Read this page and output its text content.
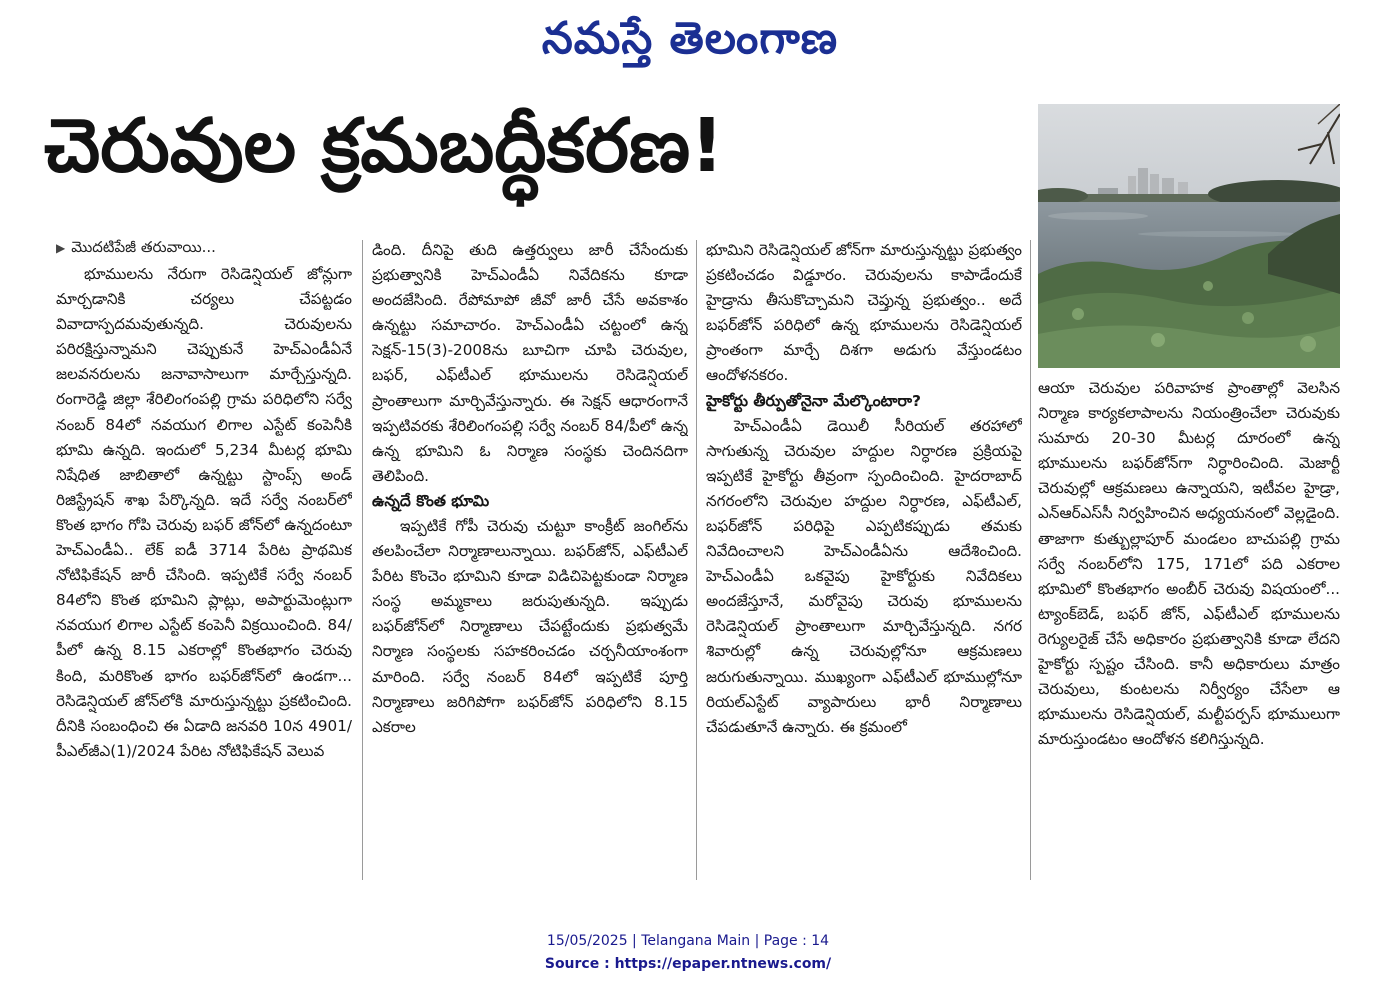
నమస్తే తెలంగాణ
చెరువుల క్రమబద్ధీకరణ!
▶ మొదటిపేజీ తరువాయి...

భూములను నేరుగా రెసిడెన్షియల్ జోన్లుగా మార్చడానికి చర్యలు చేపట్టడం వివాదాస్పదమవుతున్నది. చెరువులను పరిరక్షిస్తున్నామని చెప్పుకునే హెచ్‌ఎండీఏనే జలవనరులను జనావాసాలుగా మార్చేస్తున్నది. రంగారెడ్డి జిల్లా శేరిలింగంపల్లి గ్రామ పరిధిలోని సర్వే నంబర్ 84లో నవయుగ లిగాల ఎస్టేట్ కంపెనీకి భూమి ఉన్నది. ఇందులో 5,234 మీటర్ల భూమి నిషేధిత జాబితాలో ఉన్నట్టు స్టాంప్స్ అండ్ రిజిస్ట్రేషన్ శాఖ పేర్కొన్నది. ఇదే సర్వే నంబర్‌లో కొంత భాగం గోపి చెరువు బఫర్ జోన్‌లో ఉన్నదంటూ హెచ్‌ఎండీఏ.. లేక్ ఐడీ 3714 పేరిట ప్రాథమిక నోటిఫికేషన్ జారీ చేసింది. ఇప్పటికే సర్వే నంబర్ 84లోని కొంత భూమిని ప్లాట్లు, అపార్టుమెంట్లుగా నవయుగ లిగాల ఎస్టేట్ కంపెనీ విక్రయించింది. 84/పీలో ఉన్న 8.15 ఎకరాల్లో కొంతభాగం చెరువు కింది, మరికొంత భాగం బఫర్‌జోన్‌లో ఉండగా... రెసిడెన్షియల్ జోన్‌లోకి మారుస్తున్నట్టు ప్రకటించింది. దీనికి సంబంధించి ఈ ఏడాది జనవరి 10న 4901/పీఎల్‌జీఎ(1)/2024 పేరిట నోటిఫికేషన్ వెలువ

డింది. దీనిపై తుది ఉత్తర్వులు జారీ చేసేందుకు ప్రభుత్వానికి హెచ్‌ఎండీఏ నివేదికను కూడా అందజేసింది. రేపోమాపో జీవో జారీ చేసే అవకాశం ఉన్నట్టు సమాచారం. హెచ్‌ఎండీఏ చట్టంలో ఉన్న సెక్షన్-15(3)-2008ను బూచిగా చూపి చెరువుల, బఫర్, ఎఫ్‌టీఎల్ భూములను రెసిడెన్షియల్ ప్రాంతాలుగా మార్చివేస్తున్నారు. ఈ సెక్షన్ ఆధారంగానే ఇప్పటివరకు శేరిలింగంపల్లి సర్వే నంబర్ 84/పీలో ఉన్న ఉన్న భూమిని ఓ నిర్మాణ సంస్థకు చెందినదిగా తెలిపింది.

ఉన్నదే కొంత భూమి

ఇప్పటికే గోపీ చెరువు చుట్టూ కాంక్రీట్ జంగిల్‌ను తలపించేలా నిర్మాణాలున్నాయి. బఫర్‌జోన్, ఎఫ్‌టీఎల్ పేరిట కొంచెం భూమిని కూడా విడిచిపెట్టకుండా నిర్మాణ సంస్థ అమ్మకాలు జరుపుతున్నది. ఇప్పుడు బఫర్‌జోన్‌లో నిర్మాణాలు చేపట్టేందుకు ప్రభుత్వమే నిర్మాణ సంస్థలకు సహకరించడం చర్చనీయాంశంగా మారింది. సర్వే నంబర్ 84లో ఇప్పటికే పూర్తి నిర్మాణాలు జరిగిపోగా బఫర్‌జోన్ పరిధిలోని 8.15 ఎకరాల

భూమిని రెసిడెన్షియల్ జోన్‌గా మారుస్తున్నట్టు ప్రభుత్వం ప్రకటించడం విడ్డూరం. చెరువులను కాపాడేందుకే హైడ్రాను తీసుకొచ్చామని చెప్తున్న ప్రభుత్వం.. అదే బఫర్‌జోన్ పరిధిలో ఉన్న భూములను రెసిడెన్షియల్ ప్రాంతంగా మార్చే దిశగా అడుగు వేస్తుండటం ఆందోళనకరం.

హైకోర్టు తీర్పుతోనైనా మేల్కొంటారా?

హెచ్‌ఎండీఏ డెయిలీ సీరియల్ తరహాలో సాగుతున్న చెరువుల హద్దుల నిర్ధారణ ప్రక్రియపై ఇప్పటికే హైకోర్టు తీవ్రంగా స్పందించింది. హైదరాబాద్ నగరంలోని చెరువుల హద్దుల నిర్ధారణ, ఎఫ్‌టీఎల్, బఫర్‌జోన్ పరిధిపై ఎప్పటికప్పుడు తమకు నివేదించాలని హెచ్‌ఎండీఏను ఆదేశించింది. హెచ్‌ఎండీఏ ఒకవైపు హైకోర్టుకు నివేదికలు అందజేస్తూనే, మరోవైపు చెరువు భూములను రెసిడెన్షియల్ ప్రాంతాలుగా మార్చివేస్తున్నది. నగర శివారుల్లో ఉన్న చెరువుల్లోనూ ఆక్రమణలు జరుగుతున్నాయి. ముఖ్యంగా ఎఫ్‌టీఎల్ భూముల్లోనూ రియల్‌ఎస్టేట్ వ్యాపారులు భారీ నిర్మాణాలు చేపడుతూనే ఉన్నారు. ఈ క్రమంలో

ఆయా చెరువుల పరివాహక ప్రాంతాల్లో వెలసిన నిర్మాణ కార్యకలాపాలను నియంత్రించేలా చెరువుకు సుమారు 20-30 మీటర్ల దూరంలో ఉన్న భూములను బఫర్‌జోన్‌గా నిర్ధారించింది. మెజార్టీ చెరువుల్లో ఆక్రమణలు ఉన్నాయని, ఇటీవల హైడ్రా, ఎన్‌ఆర్‌ఎస్‌సీ నిర్వహించిన అధ్యయనంలో వెల్లడైంది. తాజాగా కుత్బుల్లాపూర్ మండలం బాచుపల్లి గ్రామ సర్వే నంబర్‌లోని 175, 171లో పది ఎకరాల భూమిలో కొంతభాగం అంబీర్ చెరువు విషయంలో... ట్యాంక్‌బెడ్, బఫర్ జోన్, ఎఫ్‌టీఎల్ భూములను రెగ్యులరైజ్ చేసే అధికారం ప్రభుత్వానికి కూడా లేదని హైకోర్టు స్పష్టం చేసింది. కానీ అధికారులు మాత్రం చెరువులు, కుంటలను నిర్వీర్యం చేసేలా ఆ భూములను రెసిడెన్షియల్, మల్టీపర్పస్ భూములుగా మారుస్తుండటం ఆందోళన కలిగిస్తున్నది.

15/05/2025 | Telangana Main | Page : 14
Source : https://epaper.ntnews.com/
